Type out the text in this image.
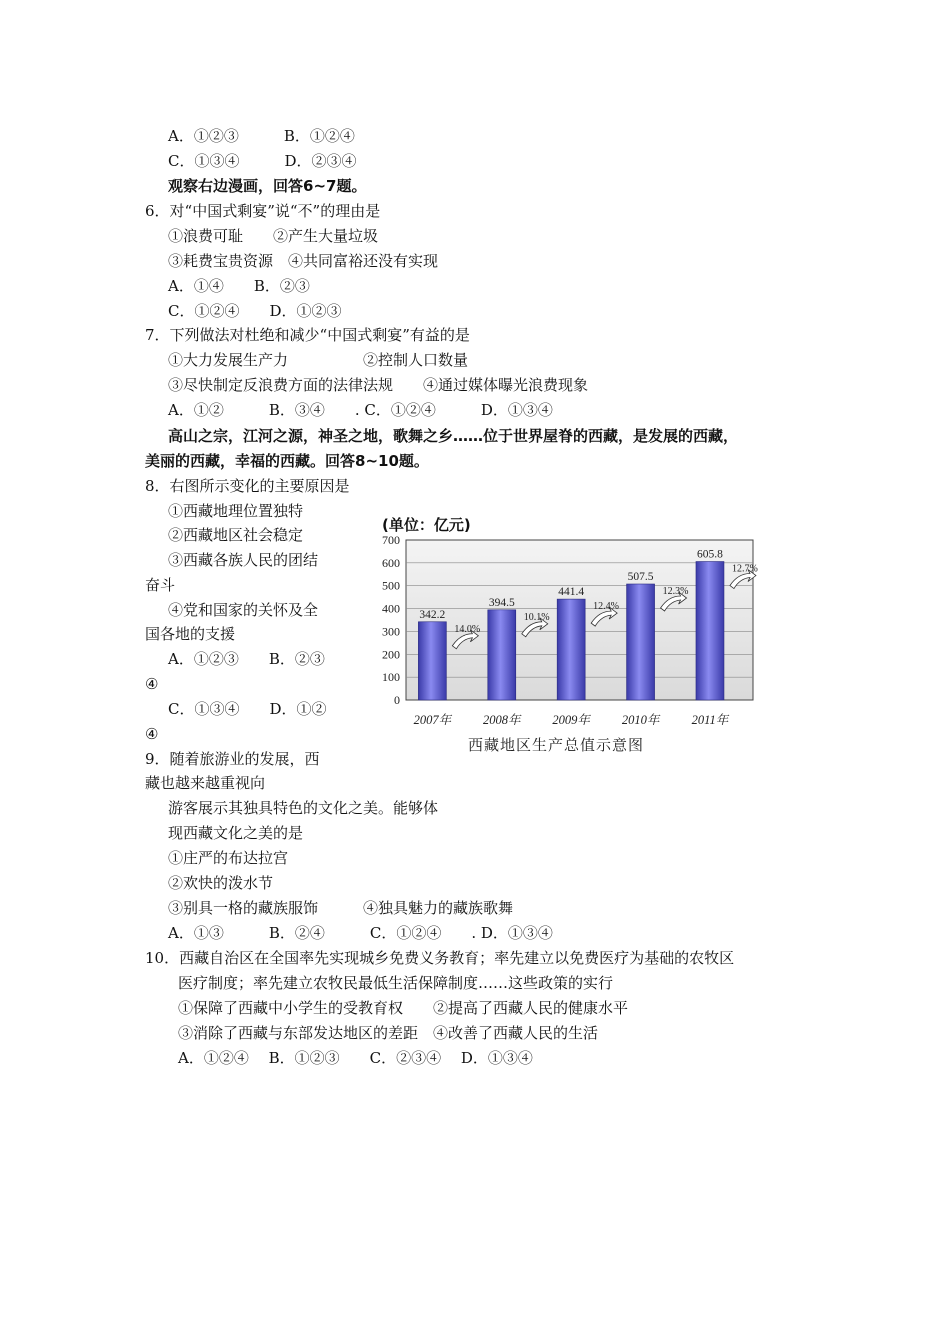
A．①②③　　　B．①②④
C．①③④　　　D．②③④
观察右边漫画，回答6~7题。
6．对“中国式剩宴”说“不”的理由是
①浪费可耻　　②产生大量垃圾
③耗费宝贵资源　④共同富裕还没有实现
A．①④　　B．②③
C．①②④　　D．①②③
7．下列做法对杜绝和减少“中国式剩宴”有益的是
①大力发展生产力　　　　　②控制人口数量
③尽快制定反浪费方面的法律法规　　④通过媒体曝光浪费现象
A．①②　　　B．③④　　. C．①②④　　　D．①③④
高山之宗，江河之源，神圣之地，歌舞之乡……位于世界屋脊的西藏，是发展的西藏，
美丽的西藏，幸福的西藏。回答8~10题。
8．右图所示变化的主要原因是
①西藏地理位置独特
②西藏地区社会稳定
③西藏各族人民的团结
奋斗
④党和国家的关怀及全
国各地的支援
A．①②③　　B．②③
④
C．①③④　　D．①②
④
9．随着旅游业的发展，西
藏也越来越重视向
游客展示其独具特色的文化之美。能够体
现西藏文化之美的是
①庄严的布达拉宫
②欢快的泼水节
③别具一格的藏族服饰　　　④独具魅力的藏族歌舞
A．①③　　　B．②④　　　C．①②④　　. D．①③④
10．西藏自治区在全国率先实现城乡免费义务教育；率先建立以免费医疗为基础的农牧区
医疗制度；率先建立农牧民最低生活保障制度……这些政策的实行
①保障了西藏中小学生的受教育权　　②提高了西藏人民的健康水平
③消除了西藏与东部发达地区的差距　④改善了西藏人民的生活
A．①②④　 B．①②③　　C．②③④　 D．①③④
(单位：亿元)
0
100
200
300
400
500
600
700
342.2
14.0%
394.5
10.1%
441.4
12.4%
507.5
12.3%
605.8
12.7%
2007年	2008年	2009年	2010年	2011年
西藏地区生产总值示意图
